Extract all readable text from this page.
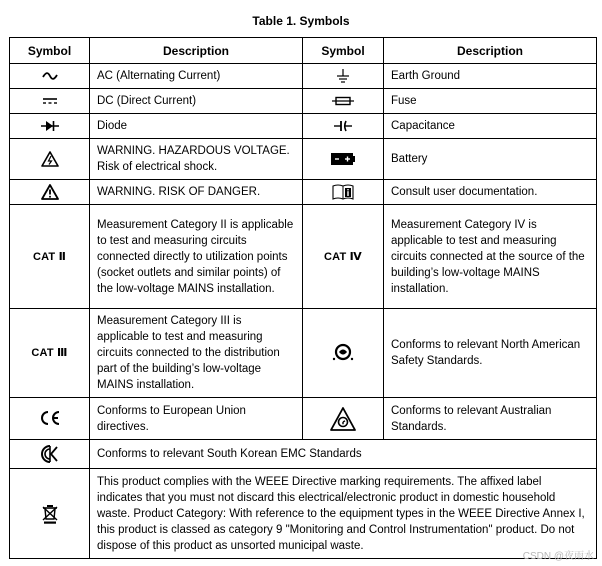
Table 1. Symbols
Symbol	Description	Symbol	Description
	AC (Alternating Current)		Earth Ground
	DC (Direct Current)		Fuse
	Diode		Capacitance
	WARNING. HAZARDOUS VOLTAGE. Risk of electrical shock.		Battery
	WARNING. RISK OF DANGER.		Consult user documentation.
CAT Ⅱ	Measurement Category II is applicable to test and measuring circuits connected directly to utilization points (socket outlets and similar points) of the low-voltage MAINS installation.	CAT Ⅳ	Measurement Category IV is applicable to test and measuring circuits connected at the source of the building’s low-voltage MAINS installation.
CAT Ⅲ	Measurement Category III is applicable to test and measuring circuits connected to the distribution part of the building’s low-voltage MAINS installation.		Conforms to relevant North American Safety Standards.
	Conforms to European Union directives.		Conforms to relevant Australian Standards.
	Conforms to relevant South Korean EMC Standards		
	This product complies with the WEEE Directive marking requirements. The affixed label indicates that you must not discard this electrical/electronic product in domestic household waste. Product Category: With reference to the equipment types in the WEEE Directive Annex I, this product is classed as category 9 "Monitoring and Control Instrumentation" product. Do not dispose of this product as unsorted municipal waste.		
CSDN @夜雨水
